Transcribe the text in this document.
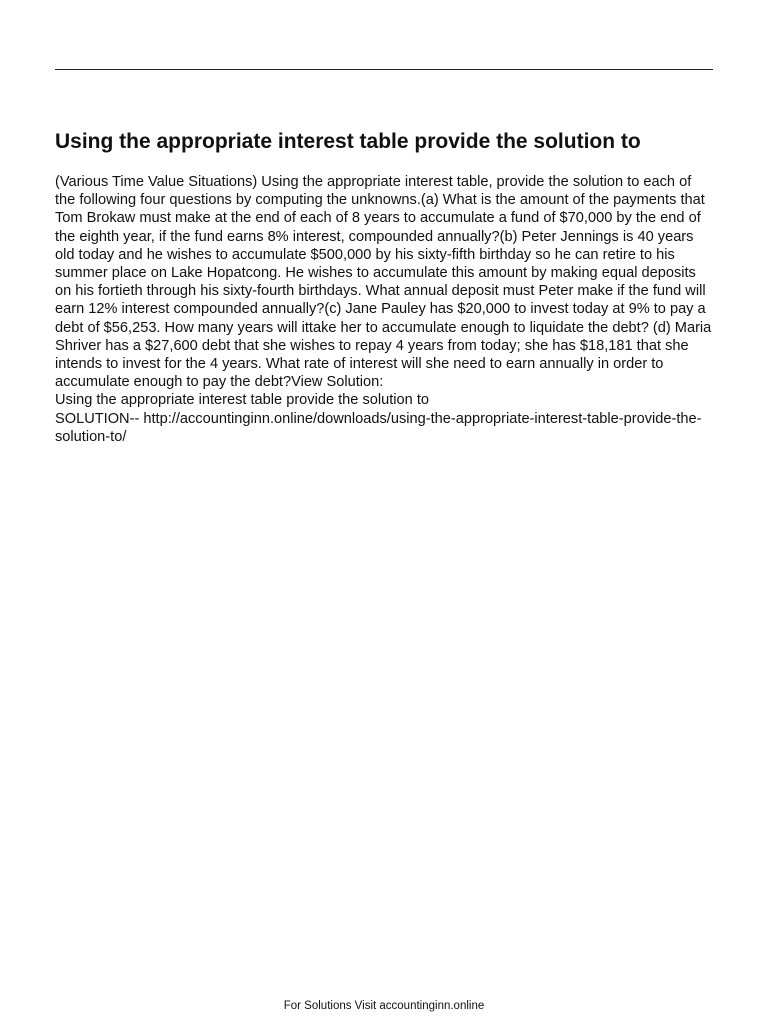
Using the appropriate interest table provide the solution to

(Various Time Value Situations) Using the appropriate interest table, provide the solution to each of the following four questions by computing the unknowns.(a) What is the amount of the payments that Tom Brokaw must make at the end of each of 8 years to accumulate a fund of $70,000 by the end of the eighth year, if the fund earns 8% interest, compounded annually?(b) Peter Jennings is 40 years old today and he wishes to accumulate $500,000 by his sixty-fifth birthday so he can retire to his summer place on Lake Hopatcong. He wishes to accumulate this amount by making equal deposits on his fortieth through his sixty-fourth birthdays. What annual deposit must Peter make if the fund will earn 12% interest compounded annually?(c) Jane Pauley has $20,000 to invest today at 9% to pay a debt of $56,253. How many years will ittake her to accumulate enough to liquidate the debt? (d) Maria Shriver has a $27,600 debt that she wishes to repay 4 years from today; she has $18,181 that she intends to invest for the 4 years. What rate of interest will she need to earn annually in order to accumulate enough to pay the debt?View Solution:

Using the appropriate interest table provide the solution to

SOLUTION-- http://accountinginn.online/downloads/using-the-appropriate-interest-table-provide-the-solution-to/

For Solutions Visit accountinginn.online
